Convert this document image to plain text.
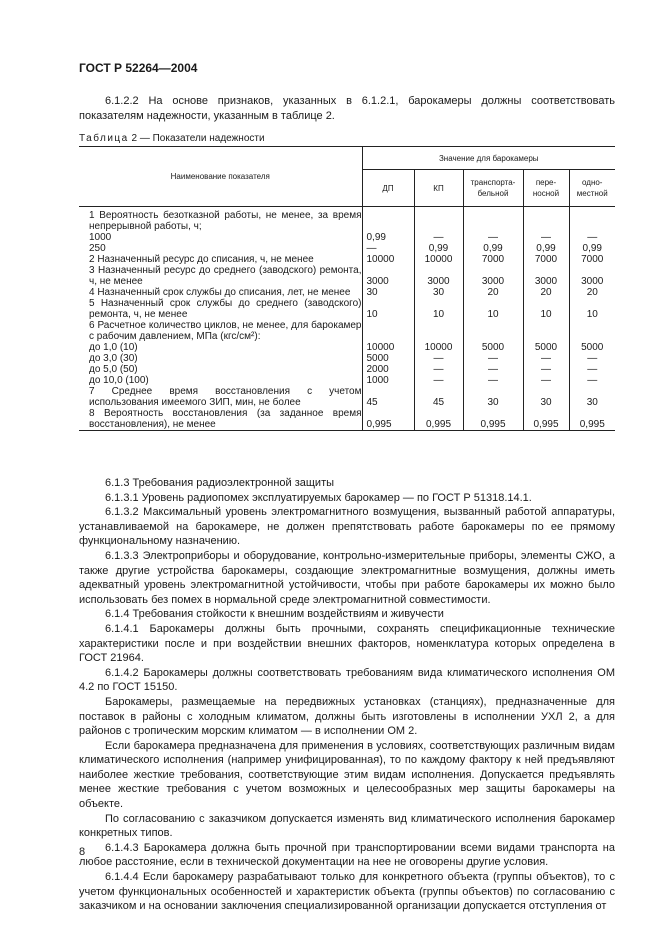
ГОСТ Р 52264—2004
6.1.2.2 На основе признаков, указанных в 6.1.2.1, барокамеры должны соответствовать показателям надежности, указанным в таблице 2.
Таблица 2 — Показатели надежности
Наименование показателя	Значение для барокамеры				
	ДП	КП	транспорта-бельной	пере-носной	одно-местной
1 Вероятность безотказной работы, не менее, за время непрерывной работы, ч;					
1000	0,99	—	—	—	—
250	—	0,99	0,99	0,99	0,99
2 Назначенный ресурс до списания, ч, не менее	10000	10000	7000	7000	7000
3 Назначенный ресурс до среднего (заводского) ремонта, ч, не менее	3000	3000	3000	3000	3000
4 Назначенный срок службы до списания, лет, не менее	30	30	20	20	20
5 Назначенный срок службы до среднего (заводского) ремонта, ч, не менее	10	10	10	10	10
6 Расчетное количество циклов, не менее, для барокамер с рабочим давлением, МПа (кгс/см²):					
до 1,0 (10)	10000	10000	5000	5000	5000
до 3,0 (30)	5000	—	—	—	—
до 5,0 (50)	2000	—	—	—	—
до 10,0 (100)	1000	—	—	—	—
7 Среднее время восстановления с учетом использования имеемого ЗИП, мин, не более	45	45	30	30	30
8 Вероятность восстановления (за заданное время восстановления), не менее	0,995	0,995	0,995	0,995	0,995

6.1.3 Требования радиоэлектронной защиты

6.1.3.1 Уровень радиопомех эксплуатируемых барокамер — по ГОСТ Р 51318.14.1.

6.1.3.2 Максимальный уровень электромагнитного возмущения, вызванный работой аппаратуры, устанавливаемой на барокамере, не должен препятствовать работе барокамеры по ее прямому функциональному назначению.

6.1.3.3 Электроприборы и оборудование, контрольно-измерительные приборы, элементы СЖО, а также другие устройства барокамеры, создающие электромагнитные возмущения, должны иметь адекватный уровень электромагнитной устойчивости, чтобы при работе барокамеры их можно было использовать без помех в нормальной среде электромагнитной совместимости.

6.1.4 Требования стойкости к внешним воздействиям и живучести

6.1.4.1 Барокамеры должны быть прочными, сохранять спецификационные технические характеристики после и при воздействии внешних факторов, номенклатура которых определена в ГОСТ 21964.

6.1.4.2 Барокамеры должны соответствовать требованиям вида климатического исполнения ОМ 4.2 по ГОСТ 15150.

Барокамеры, размещаемые на передвижных установках (станциях), предназначенные для поставок в районы с холодным климатом, должны быть изготовлены в исполнении УХЛ 2, а для районов с тропическим морским климатом — в исполнении ОМ 2.

Если барокамера предназначена для применения в условиях, соответствующих различным видам климатического исполнения (например унифицированная), то по каждому фактору к ней предъявляют наиболее жесткие требования, соответствующие этим видам исполнения. Допускается предъявлять менее жесткие требования с учетом возможных и целесообразных мер защиты барокамеры на объекте.

По согласованию с заказчиком допускается изменять вид климатического исполнения барокамер конкретных типов.

6.1.4.3 Барокамера должна быть прочной при транспортировании всеми видами транспорта на любое расстояние, если в технической документации на нее не оговорены другие условия.

6.1.4.4 Если барокамеру разрабатывают только для конкретного объекта (группы объектов), то с учетом функциональных особенностей и характеристик объекта (группы объектов) по согласованию с заказчиком и на основании заключения специализированной организации допускается отступления от

8
